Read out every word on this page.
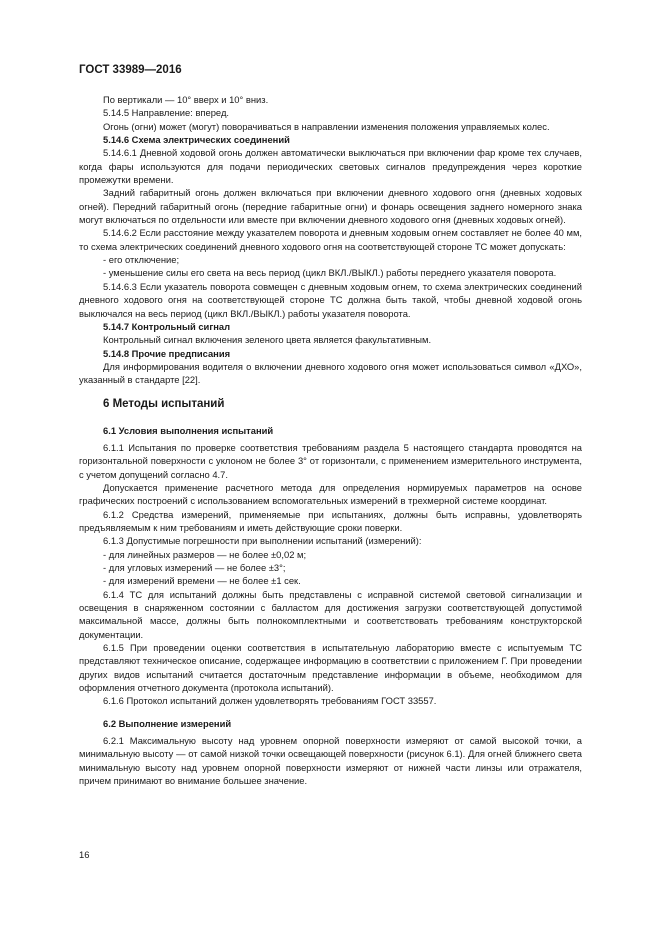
ГОСТ 33989—2016

По вертикали — 10° вверх и 10° вниз.

5.14.5 Направление: вперед.

Огонь (огни) может (могут) поворачиваться в направлении изменения положения управляемых колес.

5.14.6 Схема электрических соединений

5.14.6.1 Дневной ходовой огонь должен автоматически выключаться при включении фар кроме тех случаев, когда фары используются для подачи периодических световых сигналов предупреждения через короткие промежутки времени.

Задний габаритный огонь должен включаться при включении дневного ходового огня (дневных ходовых огней). Передний габаритный огонь (передние габаритные огни) и фонарь освещения заднего номерного знака могут включаться по отдельности или вместе при включении дневного ходового огня (дневных ходовых огней).

5.14.6.2 Если расстояние между указателем поворота и дневным ходовым огнем составляет не более 40 мм, то схема электрических соединений дневного ходового огня на соответствующей стороне ТС может допускать:

- его отключение;

- уменьшение силы его света на весь период (цикл ВКЛ./ВЫКЛ.) работы переднего указателя поворота.

5.14.6.3 Если указатель поворота совмещен с дневным ходовым огнем, то схема электрических соединений дневного ходового огня на соответствующей стороне ТС должна быть такой, чтобы дневной ходовой огонь выключался на весь период (цикл ВКЛ./ВЫКЛ.) работы указателя поворота.

5.14.7 Контрольный сигнал

Контрольный сигнал включения зеленого цвета является факультативным.

5.14.8 Прочие предписания

Для информирования водителя о включении дневного ходового огня может использоваться символ «ДХО», указанный в стандарте [22].

6 Методы испытаний

6.1 Условия выполнения испытаний

6.1.1 Испытания по проверке соответствия требованиям раздела 5 настоящего стандарта проводятся на горизонтальной поверхности с уклоном не более 3° от горизонтали, с применением измерительного инструмента, с учетом допущений согласно 4.7.

Допускается применение расчетного метода для определения нормируемых параметров на основе графических построений с использованием вспомогательных измерений в трехмерной системе координат.

6.1.2 Средства измерений, применяемые при испытаниях, должны быть исправны, удовлетворять предъявляемым к ним требованиям и иметь действующие сроки поверки.

6.1.3 Допустимые погрешности при выполнении испытаний (измерений):

- для линейных размеров — не более ±0,02 м;

- для угловых измерений — не более ±3°;

- для измерений времени — не более ±1 сек.

6.1.4 ТС для испытаний должны быть представлены с исправной системой световой сигнализации и освещения в снаряженном состоянии с балластом для достижения загрузки соответствующей допустимой максимальной массе, должны быть полнокомплектными и соответствовать требованиям конструкторской документации.

6.1.5 При проведении оценки соответствия в испытательную лабораторию вместе с испытуемым ТС представляют техническое описание, содержащее информацию в соответствии с приложением Г. При проведении других видов испытаний считается достаточным представление информации в объеме, необходимом для оформления отчетного документа (протокола испытаний).

6.1.6 Протокол испытаний должен удовлетворять требованиям ГОСТ 33557.

6.2 Выполнение измерений

6.2.1 Максимальную высоту над уровнем опорной поверхности измеряют от самой высокой точки, а минимальную высоту — от самой низкой точки освещающей поверхности (рисунок 6.1). Для огней ближнего света минимальную высоту над уровнем опорной поверхности измеряют от нижней части линзы или отражателя, причем принимают во внимание большее значение.

16
